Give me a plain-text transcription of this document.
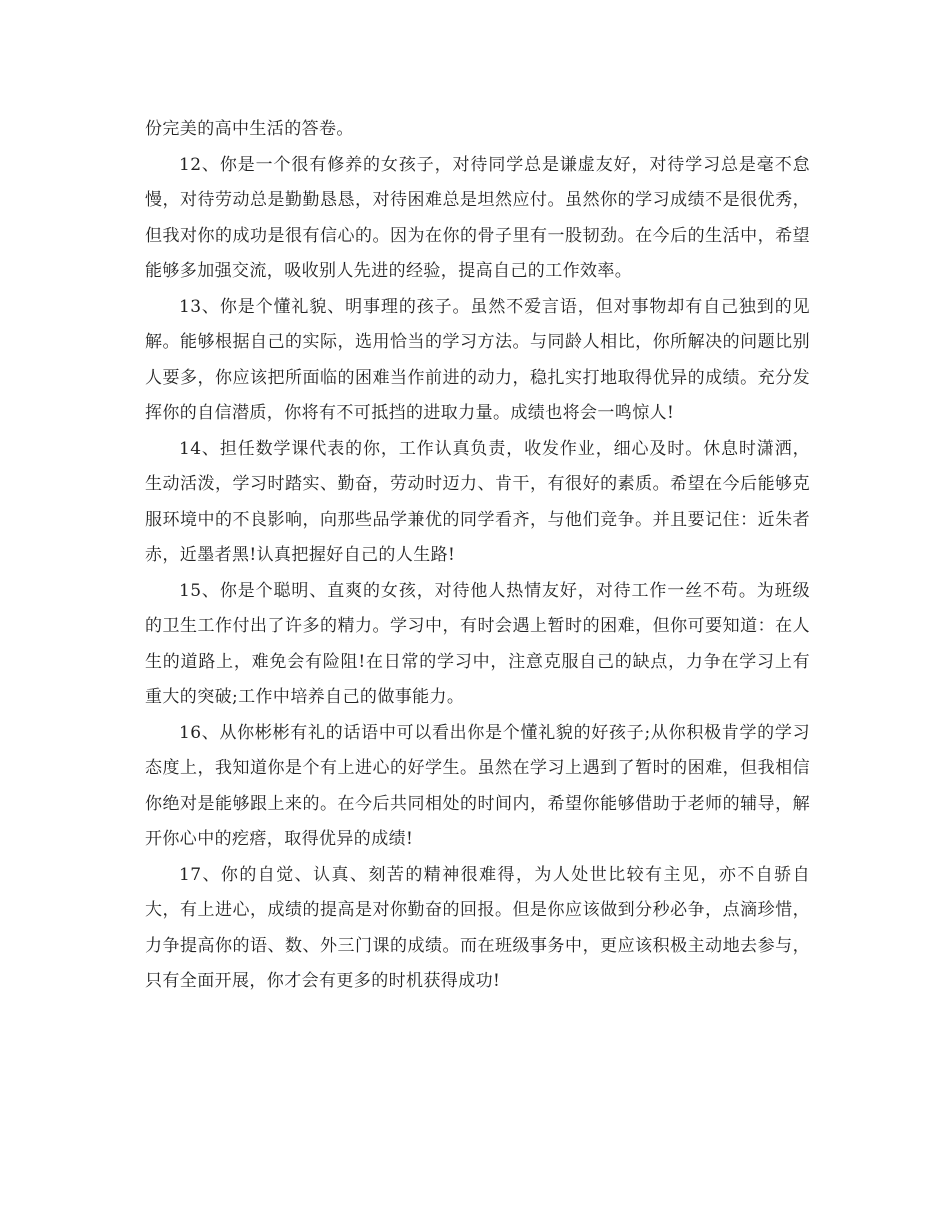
份完美的高中生活的答卷。

12、你是一个很有修养的女孩子，对待同学总是谦虚友好，对待学习总是毫不怠慢，对待劳动总是勤勤恳恳，对待困难总是坦然应付。虽然你的学习成绩不是很优秀，但我对你的成功是很有信心的。因为在你的骨子里有一股韧劲。在今后的生活中，希望能够多加强交流，吸收别人先进的经验，提高自己的工作效率。

13、你是个懂礼貌、明事理的孩子。虽然不爱言语，但对事物却有自己独到的见解。能够根据自己的实际，选用恰当的学习方法。与同龄人相比，你所解决的问题比别人要多，你应该把所面临的困难当作前进的动力，稳扎实打地取得优异的成绩。充分发挥你的自信潜质，你将有不可抵挡的进取力量。成绩也将会一鸣惊人!

14、担任数学课代表的你，工作认真负责，收发作业，细心及时。休息时潇洒，生动活泼，学习时踏实、勤奋，劳动时迈力、肯干，有很好的素质。希望在今后能够克服环境中的不良影响，向那些品学兼优的同学看齐，与他们竞争。并且要记住：近朱者赤，近墨者黑!认真把握好自己的人生路!

15、你是个聪明、直爽的女孩，对待他人热情友好，对待工作一丝不苟。为班级的卫生工作付出了许多的精力。学习中，有时会遇上暂时的困难，但你可要知道：在人生的道路上，难免会有险阻!在日常的学习中，注意克服自己的缺点，力争在学习上有重大的突破;工作中培养自己的做事能力。

16、从你彬彬有礼的话语中可以看出你是个懂礼貌的好孩子;从你积极肯学的学习态度上，我知道你是个有上进心的好学生。虽然在学习上遇到了暂时的困难，但我相信你绝对是能够跟上来的。在今后共同相处的时间内，希望你能够借助于老师的辅导，解开你心中的疙瘩，取得优异的成绩!

17、你的自觉、认真、刻苦的精神很难得，为人处世比较有主见，亦不自骄自大，有上进心，成绩的提高是对你勤奋的回报。但是你应该做到分秒必争，点滴珍惜，力争提高你的语、数、外三门课的成绩。而在班级事务中，更应该积极主动地去参与，只有全面开展，你才会有更多的时机获得成功!
